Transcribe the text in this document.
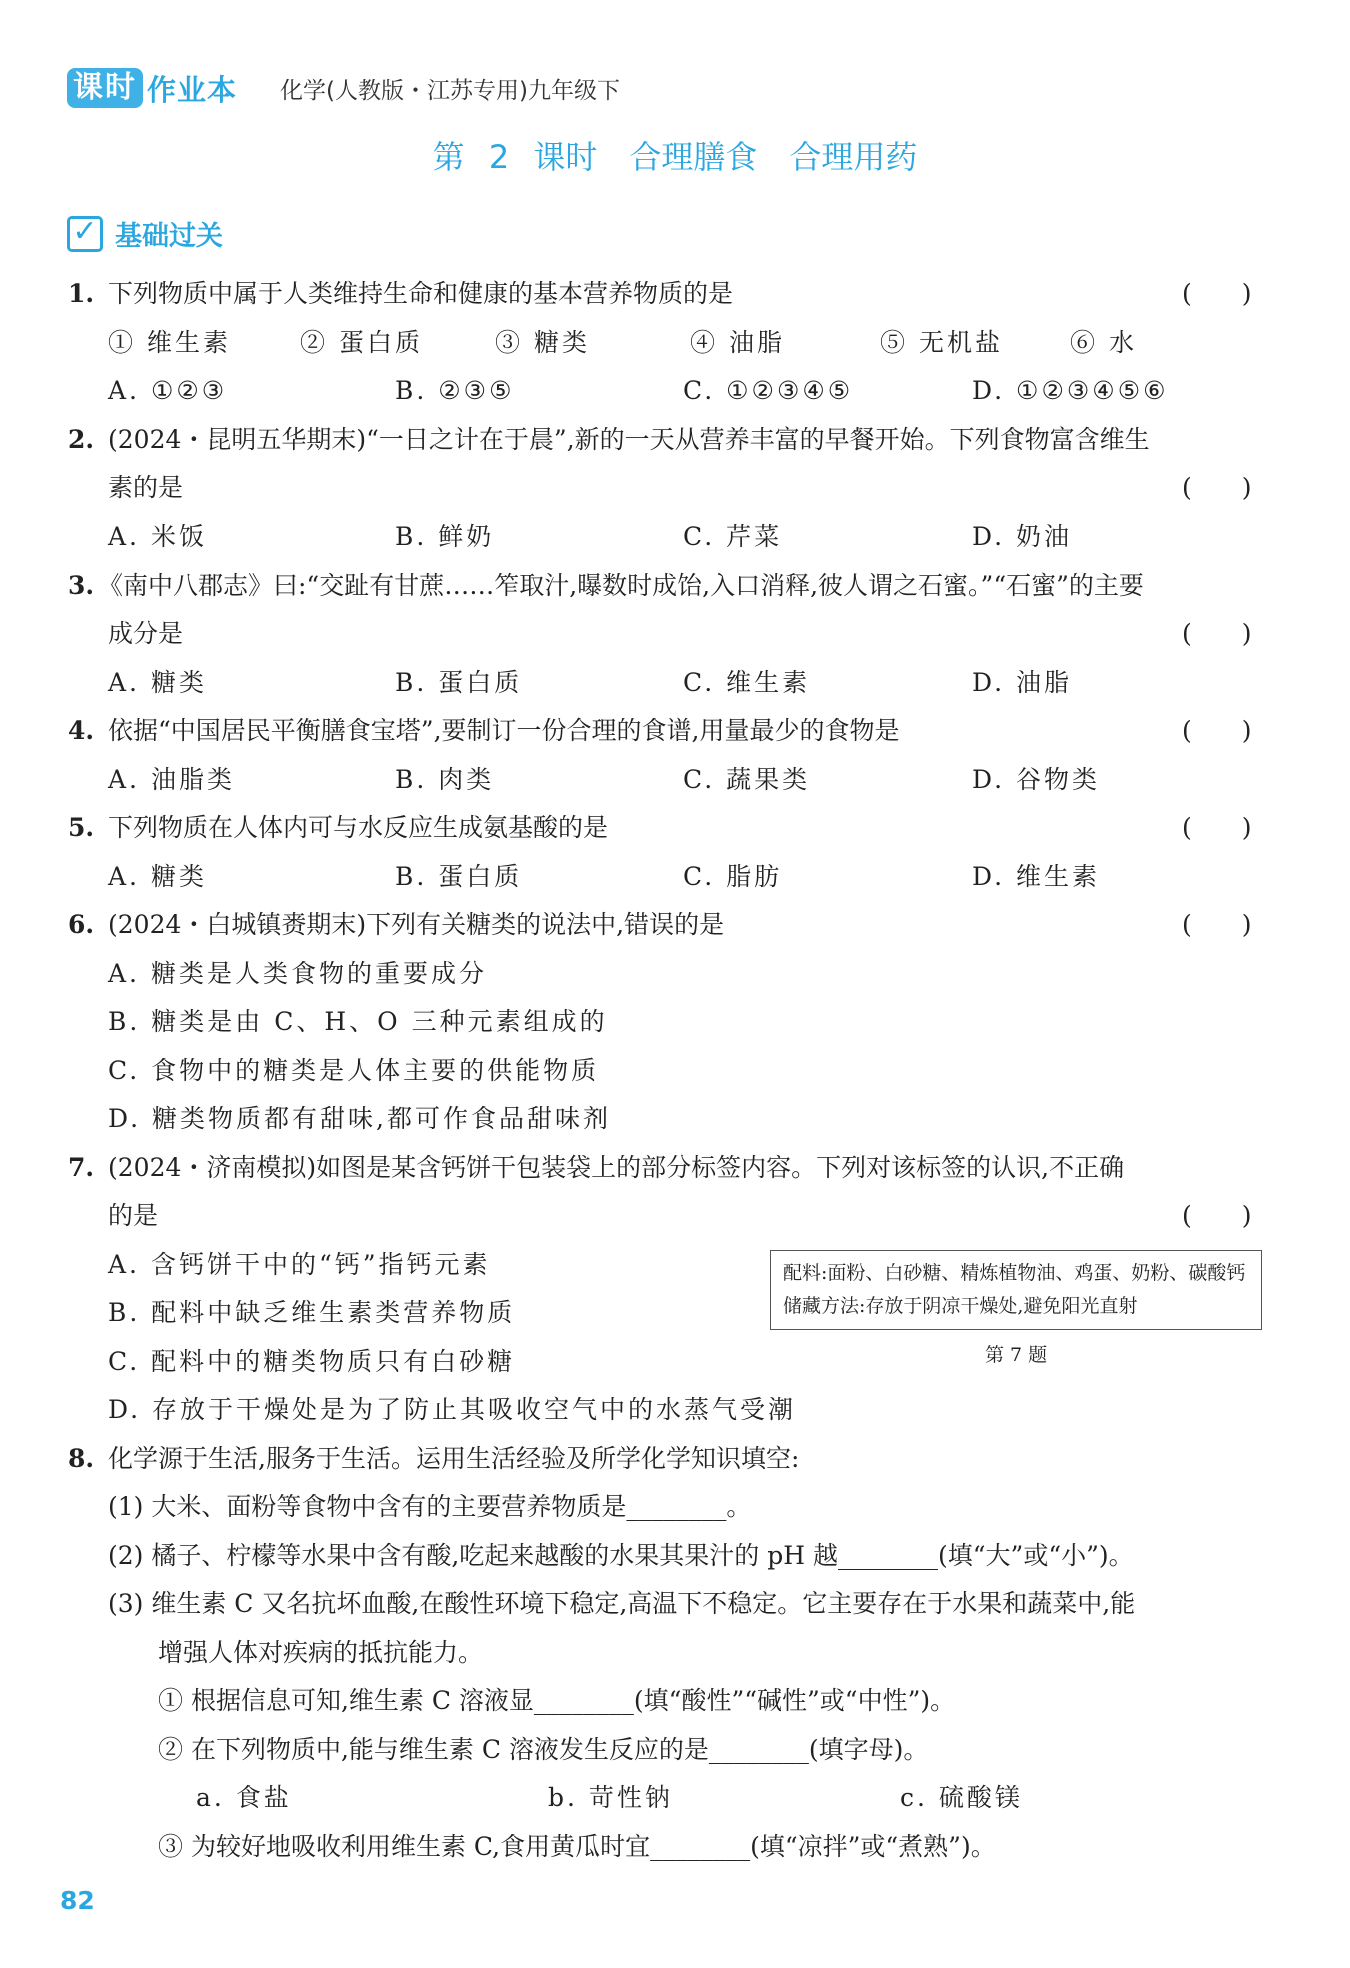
课时 作业本 化学(人教版・江苏专用)九年级下
第 2 课时　合理膳食　合理用药
✓ 基础过关
1. 下列物质中属于人类维持生命和健康的基本营养物质的是	(　　)
① 维生素	② 蛋白质	③ 糖类	④ 油脂	⑤ 无机盐	⑥ 水
A. ①②③	B. ②③⑤	C. ①②③④⑤	D. ①②③④⑤⑥
2. (2024・昆明五华期末)“一日之计在于晨”,新的一天从营养丰富的早餐开始。下列食物富含维生
素的是	(　　)
A. 米饭	B. 鲜奶	C. 芹菜	D. 奶油
3. 《南中八郡志》曰:“交趾有甘蔗……笮取汁,曝数时成饴,入口消释,彼人谓之石蜜。”“石蜜”的主要
成分是	(　　)
A. 糖类	B. 蛋白质	C. 维生素	D. 油脂
4. 依据“中国居民平衡膳食宝塔”,要制订一份合理的食谱,用量最少的食物是	(　　)
A. 油脂类	B. 肉类	C. 蔬果类	D. 谷物类
5. 下列物质在人体内可与水反应生成氨基酸的是	(　　)
A. 糖类	B. 蛋白质	C. 脂肪	D. 维生素
6. (2024・白城镇赉期末)下列有关糖类的说法中,错误的是	(　　)
A. 糖类是人类食物的重要成分
B. 糖类是由 C、H、O 三种元素组成的
C. 食物中的糖类是人体主要的供能物质
D. 糖类物质都有甜味,都可作食品甜味剂
7. (2024・济南模拟)如图是某含钙饼干包装袋上的部分标签内容。下列对该标签的认识,不正确
的是	(　　)
A. 含钙饼干中的“钙”指钙元素
B. 配料中缺乏维生素类营养物质
C. 配料中的糖类物质只有白砂糖
D. 存放于干燥处是为了防止其吸收空气中的水蒸气受潮
配料:面粉、白砂糖、精炼植物油、鸡蛋、奶粉、碳酸钙
储藏方法:存放于阴凉干燥处,避免阳光直射
第 7 题
8. 化学源于生活,服务于生活。运用生活经验及所学化学知识填空:
(1) 大米、面粉等食物中含有的主要营养物质是________。
(2) 橘子、柠檬等水果中含有酸,吃起来越酸的水果其果汁的 pH 越________(填“大”或“小”)。
(3) 维生素 C 又名抗坏血酸,在酸性环境下稳定,高温下不稳定。它主要存在于水果和蔬菜中,能
增强人体对疾病的抵抗能力。
① 根据信息可知,维生素 C 溶液显________(填“酸性”“碱性”或“中性”)。
② 在下列物质中,能与维生素 C 溶液发生反应的是________(填字母)。
a. 食盐	b. 苛性钠	c. 硫酸镁
③ 为较好地吸收利用维生素 C,食用黄瓜时宜________(填“凉拌”或“煮熟”)。
82
